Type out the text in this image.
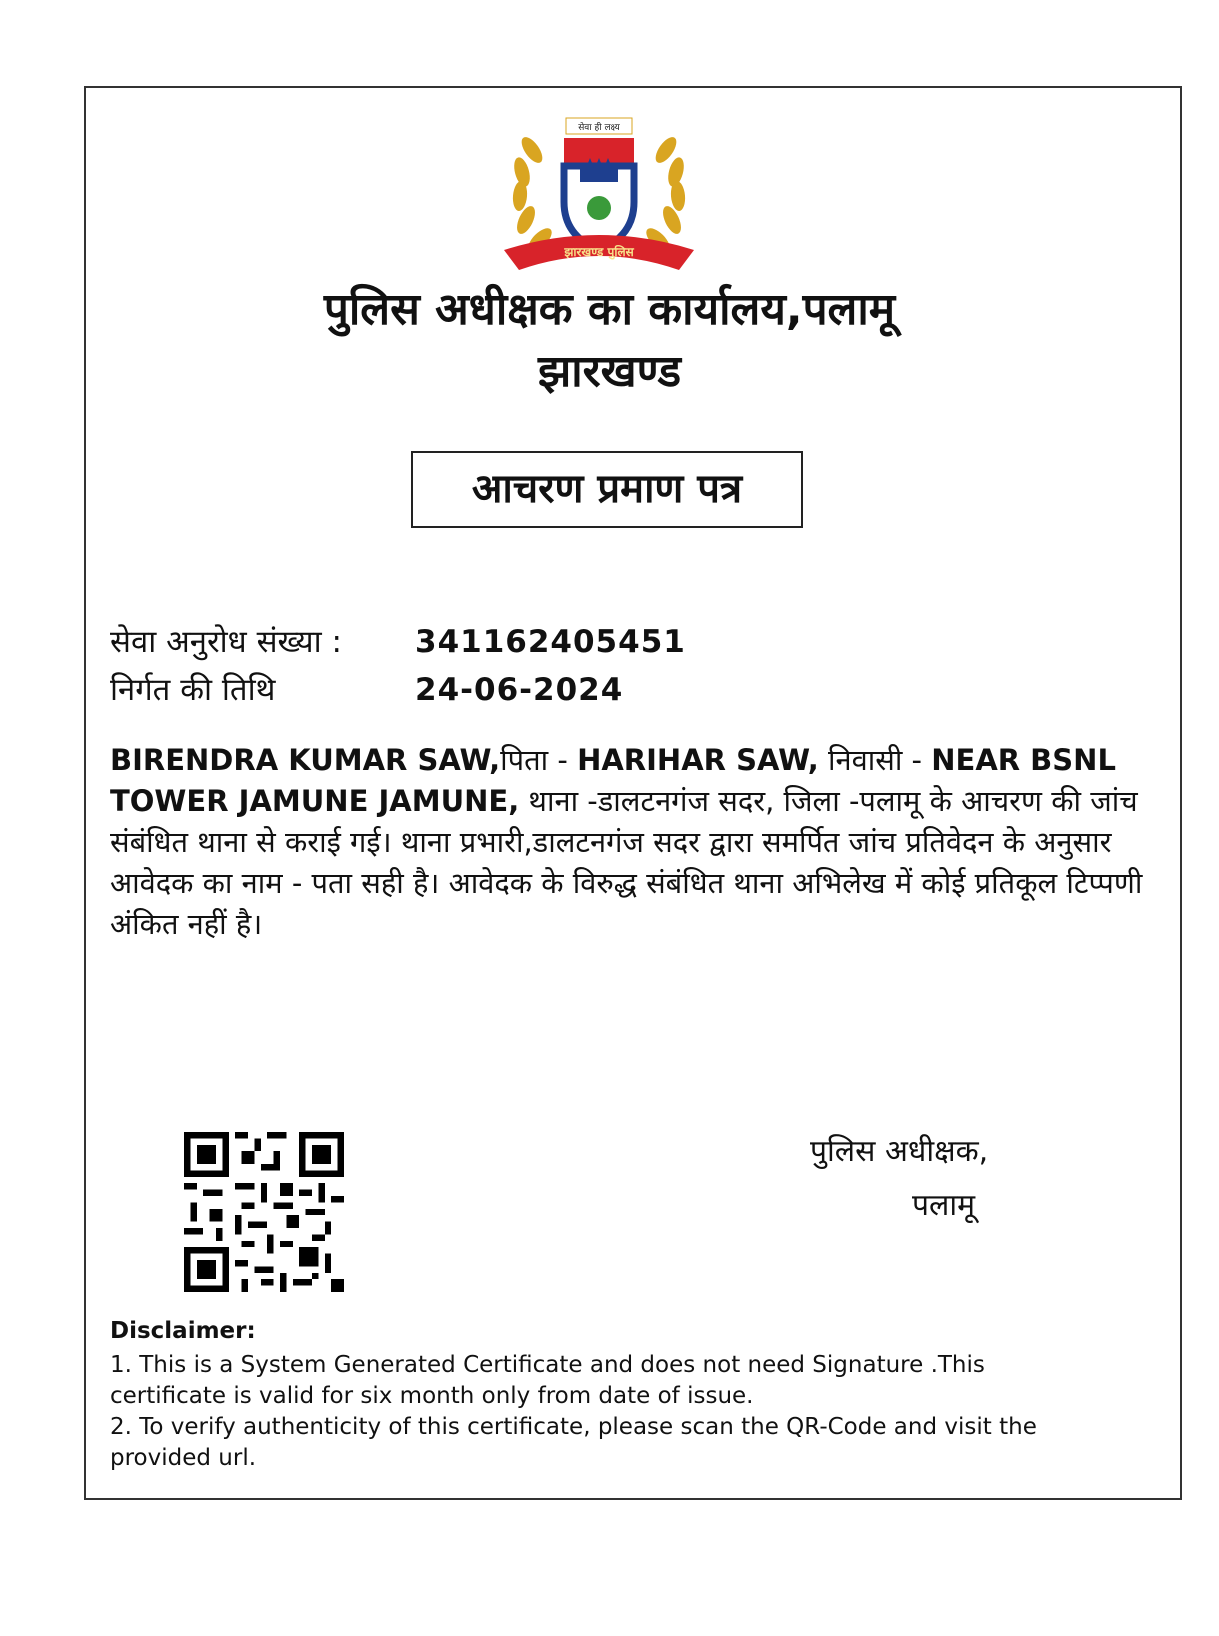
सेवा ही लक्ष्य
झारखण्ड पुलिस
पुलिस अधीक्षक का कार्यालय,पलामू
झारखण्ड
आचरण प्रमाण पत्र
सेवा अनुरोध संख्या : 341162405451
निर्गत की तिथि	24-06-2024
BIRENDRA KUMAR SAW,पिता - HARIHAR SAW, निवासी - NEAR BSNL TOWER JAMUNE JAMUNE, थाना -डालटनगंज सदर, जिला -पलामू के आचरण की जांच संबंधित थाना से कराई गई। थाना प्रभारी,डालटनगंज सदर द्वारा समर्पित जांच प्रतिवेदन के अनुसार आवेदक का नाम - पता सही है। आवेदक के विरुद्ध संबंधित थाना अभिलेख में कोई प्रतिकूल टिप्पणी अंकित नहीं है।
पुलिस अधीक्षक,
पलामू
Disclaimer:
1. This is a System Generated Certificate and does not need Signature .This certificate is valid for six month only from date of issue.
2. To verify authenticity of this certificate, please scan the QR-Code and visit the provided url.
